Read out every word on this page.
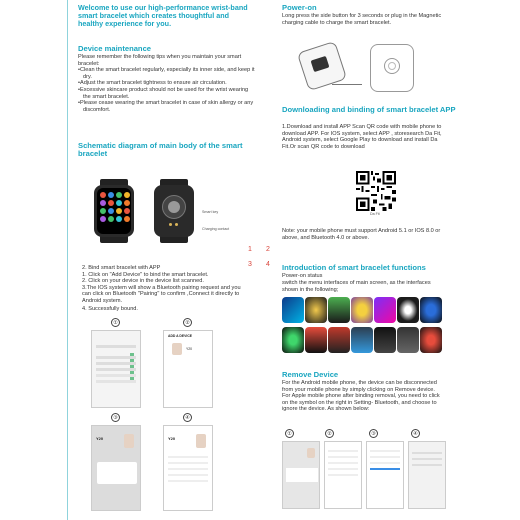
Welcome to use our high-performance wrist-band smart bracelet which creates thoughtful and healthy experience for you.
Device maintenance

Please remember the following tips when you maintain your smart bracelet:

•Clean the smart bracelet regularly, especially its inner side, and keep it dry.

•Adjust the smart bracelet tightness to ensure air circulation.

•Excessive skincare product should not be used for the wrist wearing the smart bracelet.

•Please cease wearing the smart bracelet in case of skin allergy or any discomfort.

Schematic diagram of main body of the smart bracelet
Smart key
Charging contact
1 2
3 4

2. Bind smart bracelet with APP

1. Click on "Add Device" to bind the smart bracelet.

2. Click on your device in the device list scanned.

3.The IOS system will show a Bluetooth pairing request and you can click on Bluetooth "Pairing" to confirm ,Connect it directly to Android system.

4. Successfully bound.

①	②
ADD A DEVICE
Y20
③	④
Y20	Y20
Power-on
Long press the side button for 3 seconds or plug in the Magnetic charging cable to charge the smart bracelet.
Downloading and binding of smart bracelet APP
1.Download and install APP Scan QR code with mobile phone to download APP. For IOS system, select APP , storesearch Da Fit, Android system, select Google Play to download and install Da Fit.Or scan QR code to download
Da Fit
Note: your mobile phone must support Android 5.1 or IOS 8.0 or above, and Bluetooth 4.0 or above.
Introduction of smart bracelet functions
Power-on status
switch the menu interfaces of main screen, as the interfaces shown in the following;
Remove Device
For the Android mobile phone, the device can be disconnected from your mobile phone by simply clicking on Remove device. For Apple mobile phone after binding removal, you need to click on the symbol on the right in Setting- Bluetooth, and choose to ignore the device. As shown below:
①	②	③	④
